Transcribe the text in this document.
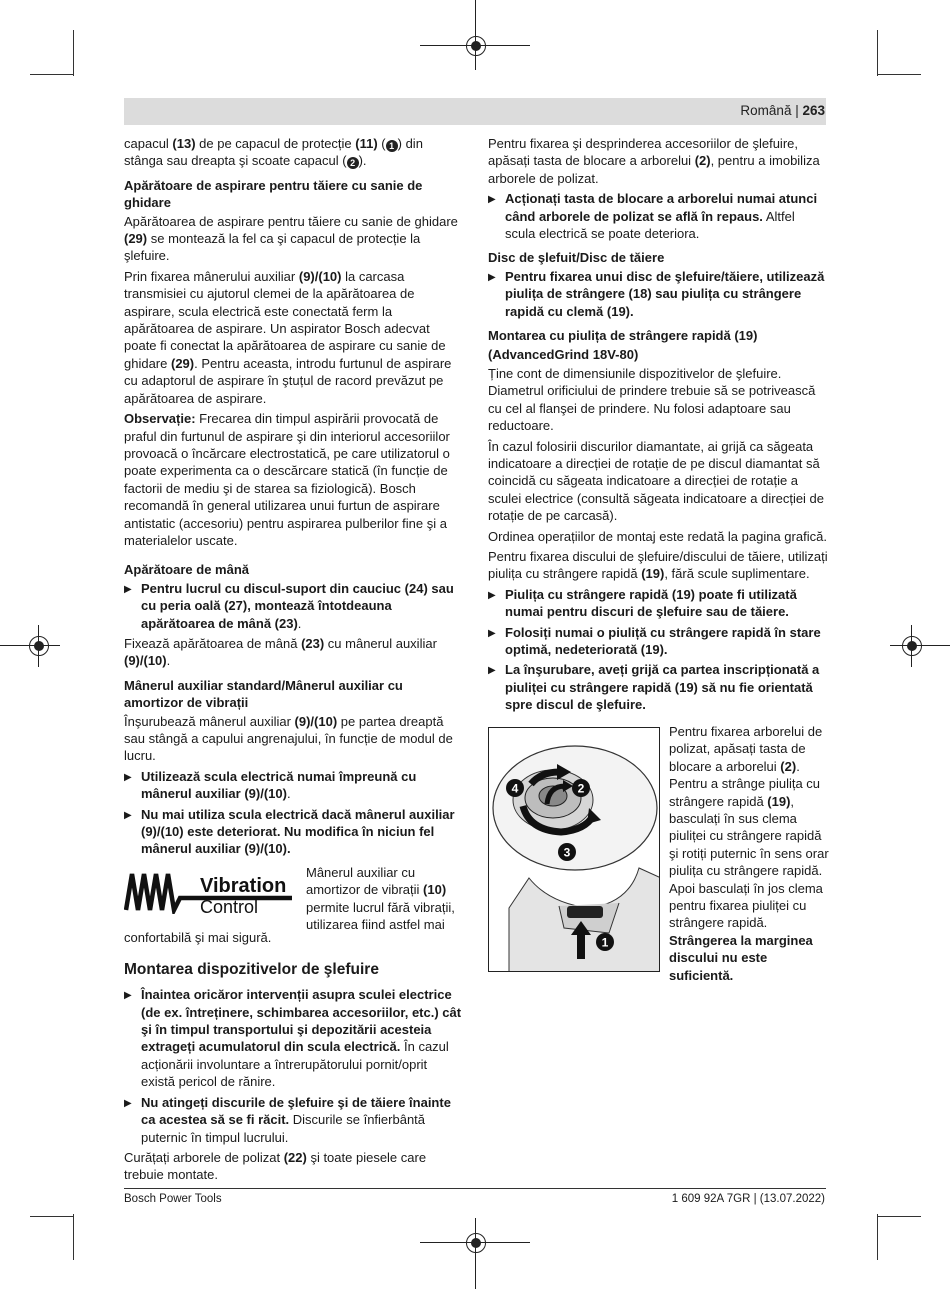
Română | 263

capacul (13) de pe capacul de protecție (11) ( 1 ) din stânga sau dreapta şi scoate capacul ( 2 ).

Apărătoare de aspirare pentru tăiere cu sanie de ghidare

Apărătoarea de aspirare pentru tăiere cu sanie de ghidare (29) se montează la fel ca şi capacul de protecție la şlefuire.

Prin fixarea mânerului auxiliar (9)/(10) la carcasa transmisiei cu ajutorul clemei de la apărătoarea de aspirare, scula electrică este conectată ferm la apărătoarea de aspirare. Un aspirator Bosch adecvat poate fi conectat la apărătoarea de aspirare cu sanie de ghidare (29). Pentru aceasta, introdu furtunul de aspirare cu adaptorul de aspirare în ştuțul de racord prevăzut pe apărătoarea de aspirare.

Observație: Frecarea din timpul aspirării provocată de praful din furtunul de aspirare şi din interiorul accesoriilor provoacă o încărcare electrostatică, pe care utilizatorul o poate experimenta ca o descărcare statică (în funcție de factorii de mediu şi de starea sa fiziologică). Bosch recomandă în general utilizarea unui furtun de aspirare antistatic (accesoriu) pentru aspirarea pulberilor fine şi a materialelor uscate.

Apărătoare de mână
▶ Pentru lucrul cu discul-suport din cauciuc (24) sau cu peria oală (27), montează întotdeauna apărătoarea de mână (23).

Fixează apărătoarea de mână (23) cu mânerul auxiliar (9)/(10).

Mânerul auxiliar standard/Mânerul auxiliar cu amortizor de vibrații

Înşurubează mânerul auxiliar (9)/(10) pe partea dreaptă sau stângă a capului angrenajului, în funcție de modul de lucru.

▶ Utilizează scula electrică numai împreună cu mânerul auxiliar (9)/(10).
▶ Nu mai utiliza scula electrică dacă mânerul auxiliar (9)/(10) este deteriorat. Nu modifica în niciun fel mânerul auxiliar (9)/(10).
Vibration
Control
Mânerul auxiliar cu amortizor de vibrații (10) permite lucrul fără vibrații, utilizarea fiind astfel mai

confortabilă şi mai sigură.

Montarea dispozitivelor de şlefuire
▶ Înaintea oricăror intervenții asupra sculei electrice (de ex. întreținere, schimbarea accesoriilor, etc.) cât şi în timpul transportului şi depozitării acesteia extrageți acumulatorul din scula electrică. În cazul acționării involuntare a întrerupătorului pornit/oprit există pericol de rănire.
▶ Nu atingeți discurile de şlefuire şi de tăiere înainte ca acestea să se fi răcit. Discurile se înfierbântă puternic în timpul lucrului.

Curățați arborele de polizat (22) şi toate piesele care trebuie montate.

Pentru fixarea şi desprinderea accesoriilor de şlefuire, apăsați tasta de blocare a arborelui (2), pentru a imobiliza arborele de polizat.

▶ Acționați tasta de blocare a arborelui numai atunci când arborele de polizat se află în repaus. Altfel scula electrică se poate deteriora.
Disc de şlefuit/Disc de tăiere
▶ Pentru fixarea unui disc de şlefuire/tăiere, utilizează piulița de strângere (18) sau piulița cu strângere rapidă cu clemă (19).
Montarea cu piulița de strângere rapidă (19)
(AdvancedGrind 18V-80)

Ține cont de dimensiunile dispozitivelor de şlefuire. Diametrul orificiului de prindere trebuie să se potrivească cu cel al flanşei de prindere. Nu folosi adaptoare sau reductoare.

În cazul folosirii discurilor diamantate, ai grijă ca săgeata indicatoare a direcției de rotație de pe discul diamantat să coincidă cu săgeata indicatoare a direcției de rotație a sculei electrice (consultă săgeata indicatoare a direcției de rotație de pe carcasă).

Ordinea operațiilor de montaj este redată la pagina grafică.

Pentru fixarea discului de şlefuire/discului de tăiere, utilizați piulița cu strângere rapidă (19), fără scule suplimentare.

▶ Piulița cu strângere rapidă (19) poate fi utilizată numai pentru discuri de şlefuire sau de tăiere.
▶ Folosiți numai o piuliță cu strângere rapidă în stare optimă, nedeteriorată (19).
▶ La înşurubare, aveți grijă ca partea inscripționată a piuliței cu strângere rapidă (19) să nu fie orientată spre discul de şlefuire.
4	2
3
1
Pentru fixarea arborelui de polizat, apăsați tasta de blocare a arborelui (2). Pentru a strânge piulița cu strângere rapidă (19), basculați în sus clema piuliței cu strângere rapidă şi rotiți puternic în sens orar piulița cu strângere rapidă. Apoi basculați în jos clema pentru fixarea piuliței cu strângere rapidă. Strângerea la marginea discului nu este suficientă.
Bosch Power Tools	1 609 92A 7GR | (13.07.2022)
